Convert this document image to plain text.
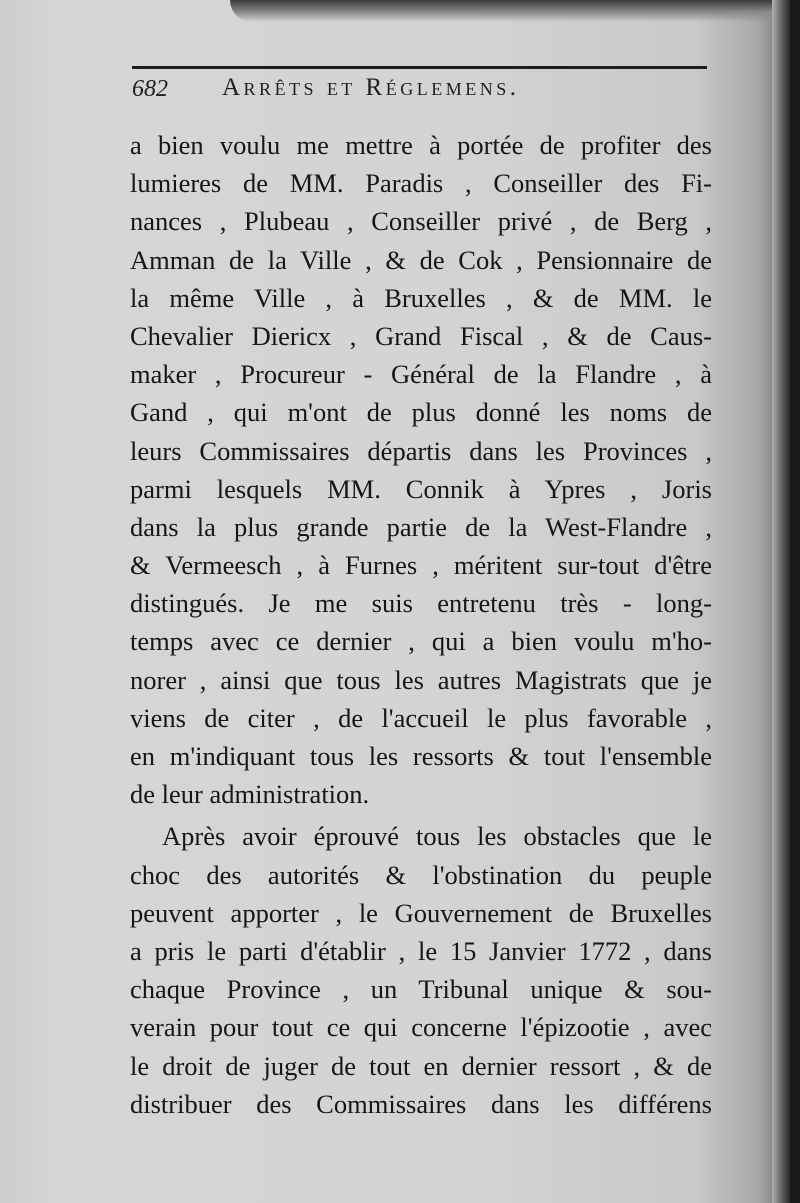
682 Arrêts et Réglemens.
a bien voulu me mettre à portée de profiter des
lumieres de MM. Paradis , Conseiller des Fi-
nances , Plubeau , Conseiller privé , de Berg ,
Amman de la Ville , & de Cok , Pensionnaire de
la même Ville , à Bruxelles , & de MM. le
Chevalier Diericx , Grand Fiscal , & de Caus-
maker , Procureur - Général de la Flandre , à
Gand , qui m'ont de plus donné les noms de
leurs Commissaires départis dans les Provinces ,
parmi lesquels MM. Connik à Ypres , Joris
dans la plus grande partie de la West-Flandre ,
& Vermeesch , à Furnes , méritent sur-tout d'être
distingués. Je me suis entretenu très - long-
temps avec ce dernier , qui a bien voulu m'ho-
norer , ainsi que tous les autres Magistrats que je
viens de citer , de l'accueil le plus favorable ,
en m'indiquant tous les ressorts & tout l'ensemble
de leur administration.
Après avoir éprouvé tous les obstacles que le
choc des autorités & l'obstination du peuple
peuvent apporter , le Gouvernement de Bruxelles
a pris le parti d'établir , le 15 Janvier 1772 , dans
chaque Province , un Tribunal unique & sou-
verain pour tout ce qui concerne l'épizootie , avec
le droit de juger de tout en dernier ressort , & de
distribuer des Commissaires dans les différens
